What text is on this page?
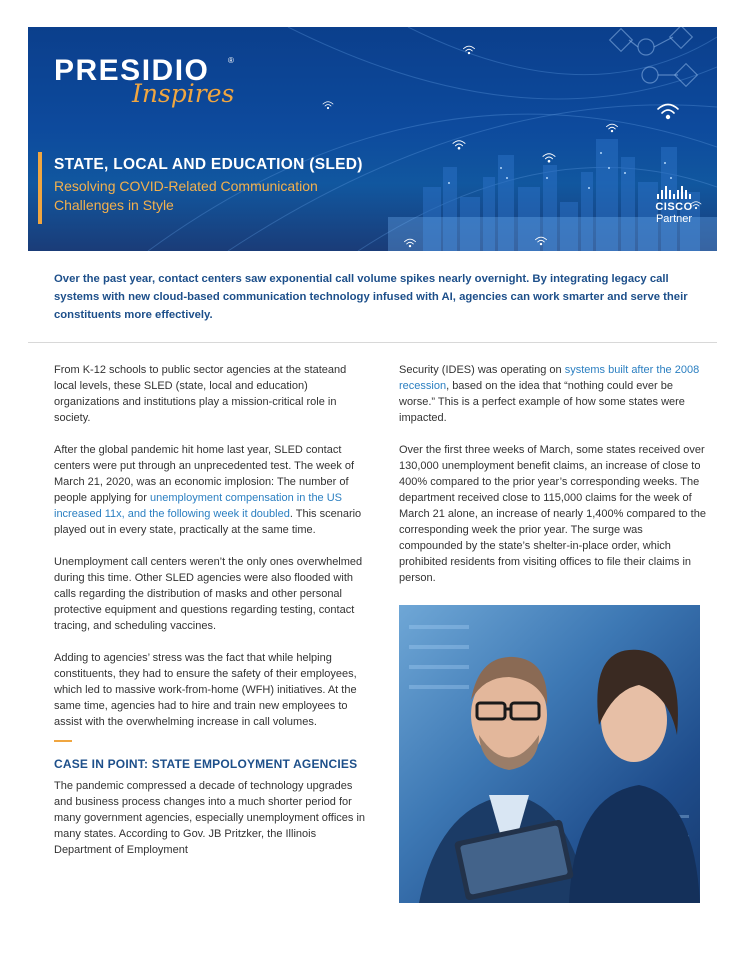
PRESIDIO ®
Inspires
STATE, LOCAL AND EDUCATION (SLED)
Resolving COVID-Related Communication
Challenges in Style	CISCO
Partner
Over the past year, contact centers saw exponential call volume spikes nearly overnight. By integrating legacy call systems with new cloud-based communication technology infused with AI, agencies can work smarter and serve their constituents more effectively.

From K-12 schools to public sector agencies at the stateand local levels, these SLED (state, local and education) organizations and institutions play a mission-critical role in society.

After the global pandemic hit home last year, SLED contact centers were put through an unprecedented test. The week of March 21, 2020, was an economic implosion: The number of people applying for unemployment compensation in the US increased 11x, and the following week it doubled. This scenario played out in every state, practically at the same time.

Unemployment call centers weren’t the only ones overwhelmed during this time. Other SLED agencies were also flooded with calls regarding the distribution of masks and other personal protective equipment and questions regarding testing, contact tracing, and scheduling vaccines.

Adding to agencies’ stress was the fact that while helping constituents, they had to ensure the safety of their employees, which led to massive work-from-home (WFH) initiatives. At the same time, agencies had to hire and train new employees to assist with the overwhelming increase in call volumes.

CASE IN POINT: STATE EMPOLOYMENT AGENCIES

The pandemic compressed a decade of technology upgrades and business process changes into a much shorter period for many government agencies, especially unemployment offices in many states. According to Gov. JB Pritzker, the Illinois Department of Employment

Security (IDES) was operating on systems built after the 2008 recession, based on the idea that “nothing could ever be worse.” This is a perfect example of how some states were impacted.

Over the first three weeks of March, some states received over 130,000 unemployment benefit claims, an increase of close to 400% compared to the prior year’s corresponding weeks. The department received close to 115,000 claims for the week of March 21 alone, an increase of nearly 1,400% compared to the corresponding week the prior year. The surge was compounded by the state’s shelter-in-place order, which prohibited residents from visiting offices to file their claims in person.
